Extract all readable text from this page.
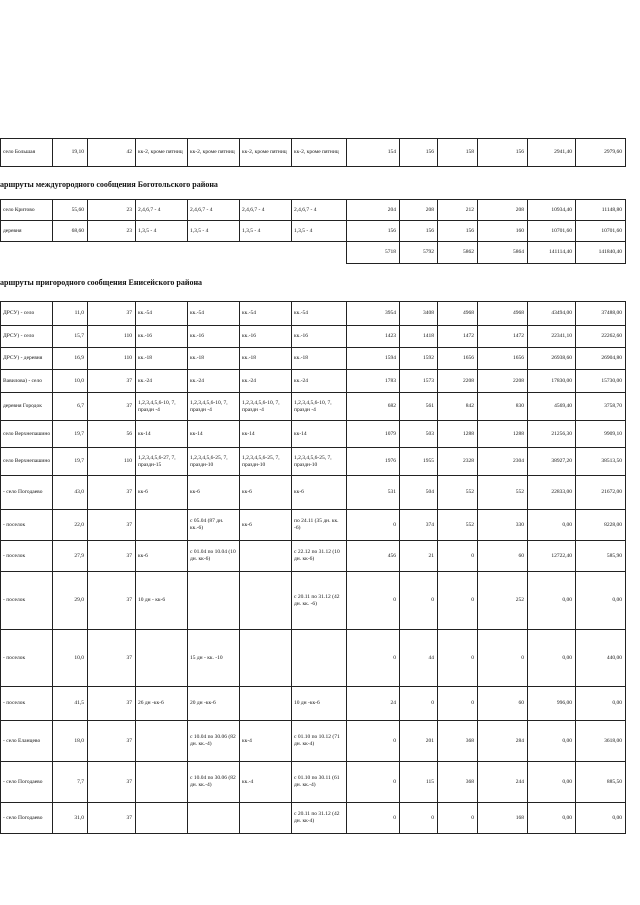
село Большая	19,10	42	кк-2, кроме пятниц	кк-2, кроме пятниц	кк-2, кроме пятниц	кк-2, кроме пятниц	154	156	158	156	2941,40	2979,60
аршруты междугородного сообщения Боготольского района
село Критово	55,60	23	2,4,6,7 - 4	2,4,6,7 - 4	2,4,6,7 - 4	2,4,6,7 - 4	204	208	212	208	10934,40	11148,80
деревня	68,60	23	1,3,5 - 4	1,3,5 - 4	1,3,5 - 4	1,3,5 - 4	156	156	156	160	10701,60	10701,60
							5718	5792	5862	5864	141114,40	141840,40
аршруты пригородного сообщения Енисейского района
ДРСУ) - село	11,0	37	кк.-54	кк.-54	кк.-54	кк.-54	3954	3408	4968	4968	43494,00	37488,00
ДРСУ) - село	15,7	110	кк.-16	кк.-16	кк.-16	кк.-16	1423	1418	1472	1472	22341,10	22262,60
ДРСУ) - деревня	16,9	110	кк.-18	кк.-18	кк.-18	кк.-18	1594	1592	1656	1656	26938,60	26904,80
Вавилова) - село	10,0	37	кк.-24	кк.-24	кк.-24	кк.-24	1783	1573	2208	2208	17830,00	15730,00
деревня Городок	6,7	37	1,2,3,4,5,6-10, 7, праздн -4	1,2,3,4,5,6-10, 7, праздн -4	1,2,3,4,5,6-10, 7, праздн -4	1,2,3,4,5,6-10, 7, праздн -4	682	561	842	830	4569,40	3758,70
село Верхнепашино	19,7	56	кк-14	кк-14	кк-14	кк-14	1079	503	1288	1288	21256,30	9909,10
село Верхнепашино	19,7	110	1,2,3,4,5,6-27, 7, праздн-15	1,2,3,4,5,6-25, 7, праздн-10	1,2,3,4,5,6-25, 7, праздн-10	1,2,3,4,5,6-25, 7, праздн-10	1976	1955	2328	2304	38927,20	38513,50
- село Погодаево	43,0	37	кк-6	кк-6	кк-6	кк-6	531	504	552	552	22833,00	21672,00
- поселок	22,0	37		с 05.04 (87 дн. кк.-6)	кк-6	по 24.11 (35 дн. кк. -6)	0	374	552	330	0,00	8228,00
- поселок	27,9	37	кк-6	с 01.04 по 10.04 (10 дн. кк-6)		с 22.12 по 31.12 (10 дн. кк-6)	456	21	0	60	12722,40	585,90
- поселок	29,0	37	10 дн - кк-6			с 20.11 по 31.12 (42 дн. кк. -6)	0	0	0	252	0,00	0,00
- поселок	10,0	37		15 дн - кк. -10			0	44	0	0	0,00	440,00
- поселок	41,5	37	26 дн -кк-6	20 дн -кк-6		10 дн -кк-6	24	0	0	60	996,00	0,00
- село Еланцево	18,0	37		с 10.04 по 30.06 (82 дн. кк.-4)	кк-4	с 01.10 по 10.12 (71 дн. кк-4)	0	201	368	284	0,00	3618,00
- село Погодаево	7,7	37		с 10.04 по 30.06 (82 дн. кк.-4)	кк.-4	с 01.10 по 30.11 (61 дн. кк.-4)	0	115	368	244	0,00	885,50
- село Погодаево	31,0	37				с 20.11 по 31.12 (42 дн. кк-4)	0	0	0	168	0,00	0,00
